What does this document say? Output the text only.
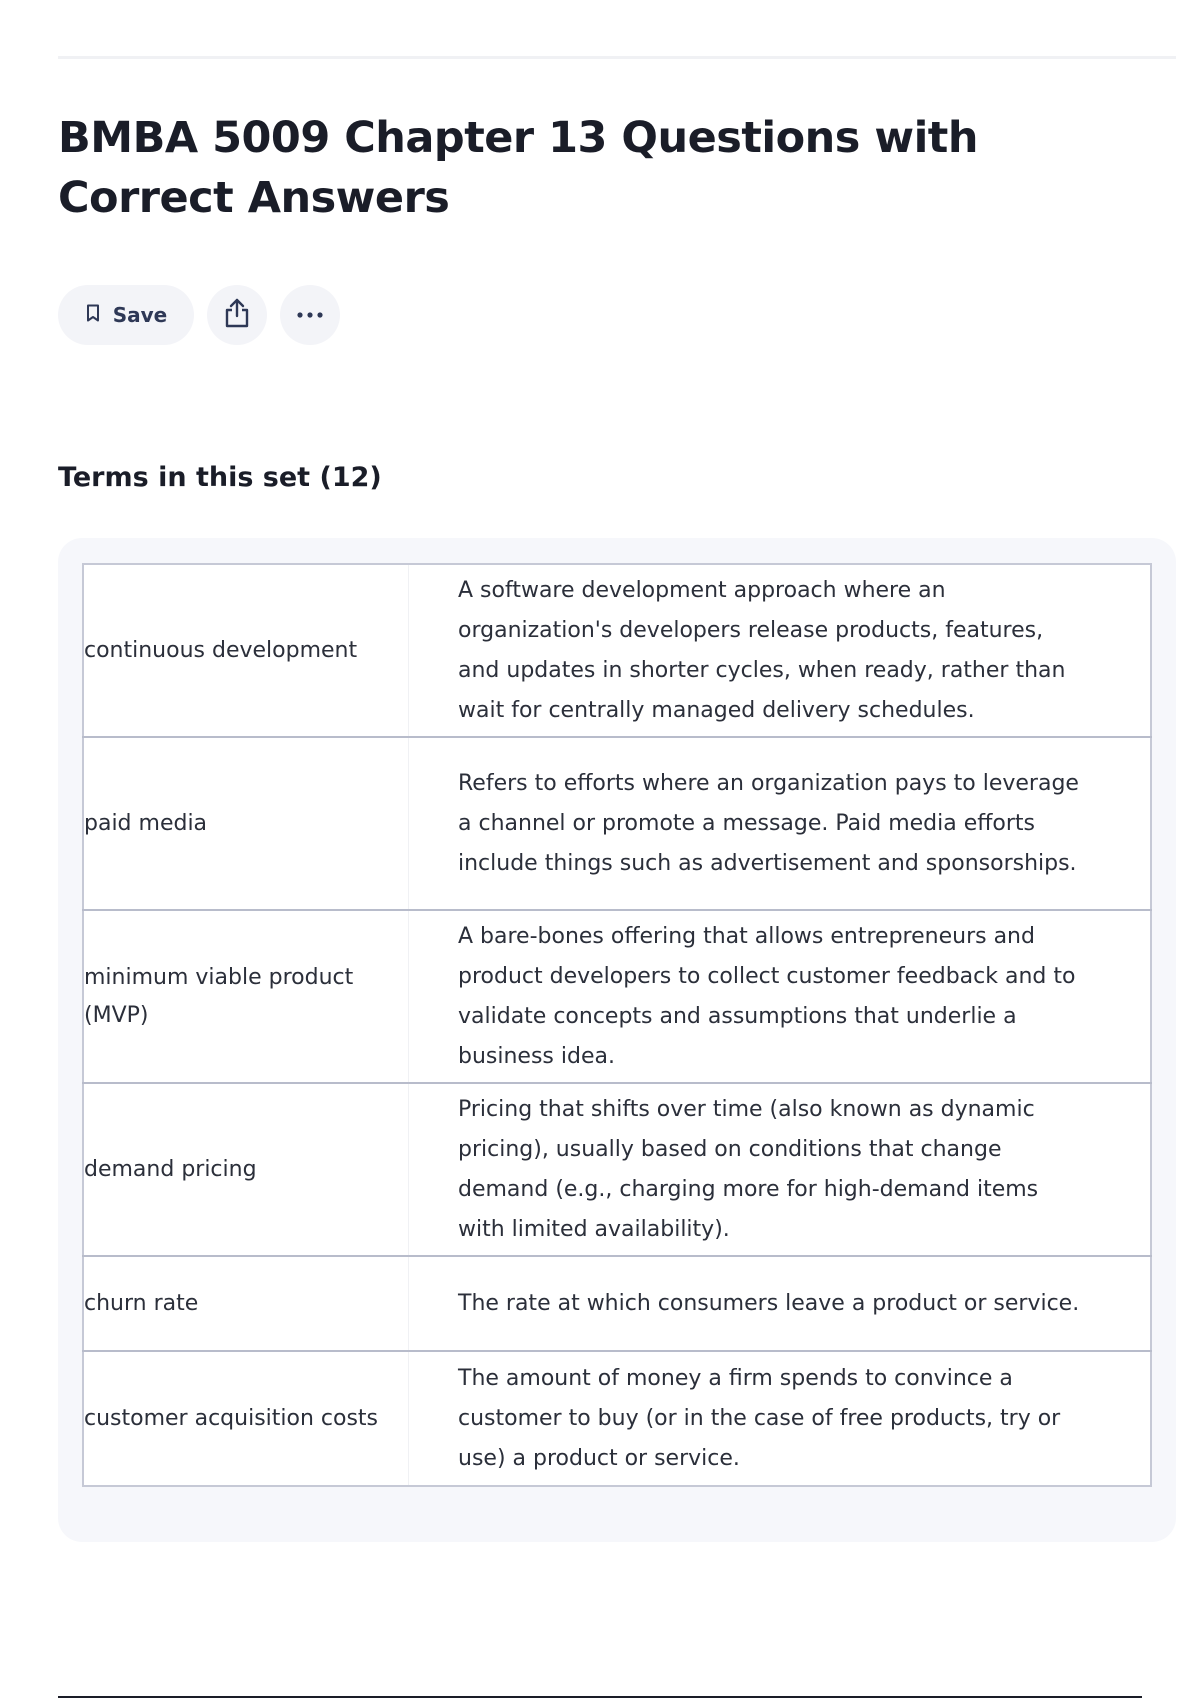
BMBA 5009 Chapter 13 Questions with Correct Answers
Save
Terms in this set (12)
continuous development	A software development approach where an organization's developers release products, features, and updates in shorter cycles, when ready, rather than wait for centrally managed delivery schedules.
paid media	Refers to efforts where an organization pays to leverage a channel or promote a message. Paid media efforts include things such as advertisement and sponsorships.
minimum viable product (MVP)	A bare-bones offering that allows entrepreneurs and product developers to collect customer feedback and to validate concepts and assumptions that underlie a business idea.
demand pricing	Pricing that shifts over time (also known as dynamic pricing), usually based on conditions that change demand (e.g., charging more for high-demand items with limited availability).
churn rate	The rate at which consumers leave a product or service.
customer acquisition costs	The amount of money a firm spends to convince a customer to buy (or in the case of free products, try or use) a product or service.
